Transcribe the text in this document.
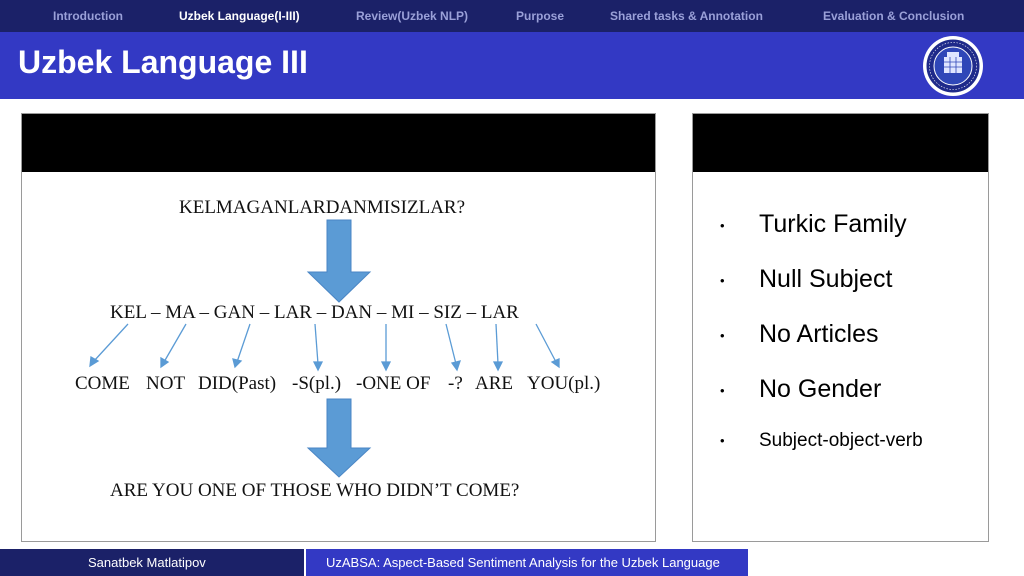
Introduction	Uzbek Language(I-III)	Review(Uzbek NLP)	Purpose	Shared tasks & Annotation	Evaluation & Conclusion
Uzbek Language III
KELMAGANLARDANMISIZLAR?
KEL – MA – GAN – LAR – DAN – MI – SIZ – LAR
COME NOT DID(Past) -S(pl.) -ONE OF -? ARE YOU(pl.)
ARE YOU ONE OF THOSE WHO DIDN’T COME?
• Turkic Family
• Null Subject
• No Articles
• No Gender
• Subject-object-verb
Sanatbek Matlatipov	UzABSA: Aspect-Based Sentiment Analysis for the Uzbek Language
